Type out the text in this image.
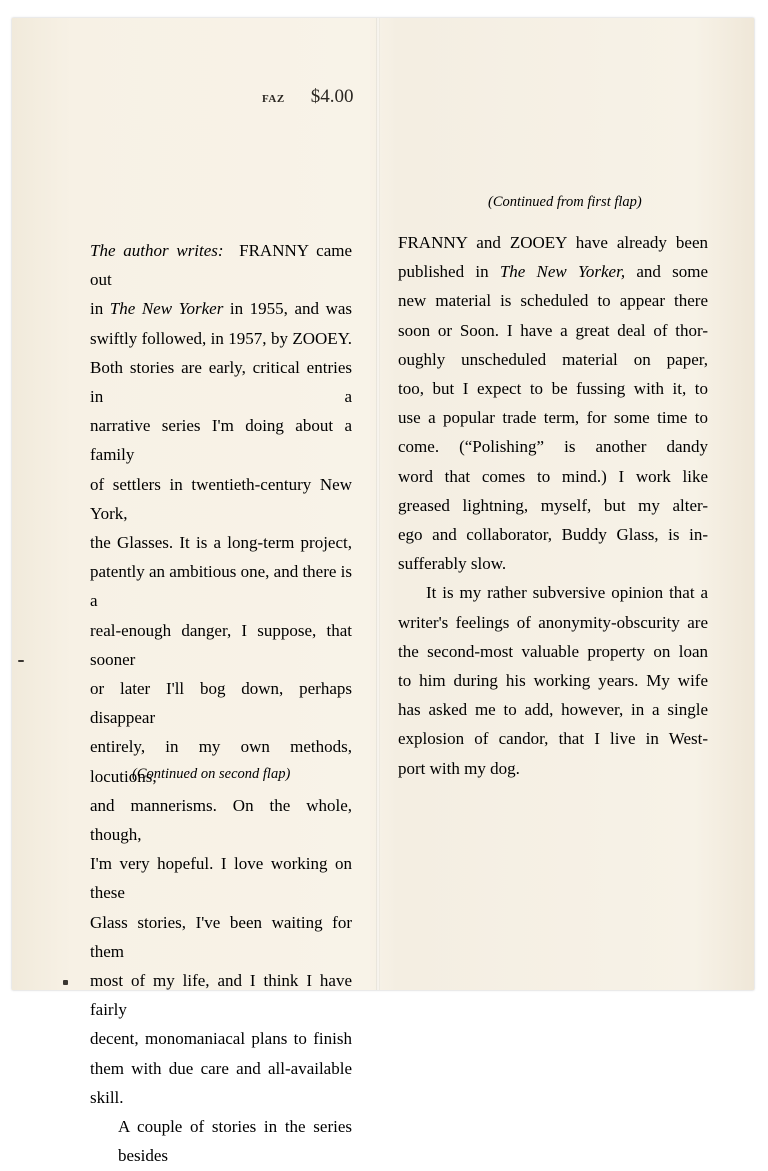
FAZ $4.00
The author writes: FRANNY came out
in The New Yorker in 1955, and was
swiftly followed, in 1957, by ZOOEY.
Both stories are early, critical entries in a
narrative series I'm doing about a family
of settlers in twentieth-century New York,
the Glasses. It is a long-term project,
patently an ambitious one, and there is a
real-enough danger, I suppose, that sooner
or later I'll bog down, perhaps disappear
entirely, in my own methods, locutions,
and mannerisms. On the whole, though,
I'm very hopeful. I love working on these
Glass stories, I've been waiting for them
most of my life, and I think I have fairly
decent, monomaniacal plans to finish
them with due care and all-available skill.
A couple of stories in the series besides
(Continued on second flap)
(Continued from first flap)
FRANNY and ZOOEY have already been
published in The New Yorker, and some
new material is scheduled to appear there
soon or Soon. I have a great deal of thor-
oughly unscheduled material on paper,
too, but I expect to be fussing with it, to
use a popular trade term, for some time to
come. (“Polishing” is another dandy
word that comes to mind.) I work like
greased lightning, myself, but my alter-
ego and collaborator, Buddy Glass, is in-
sufferably slow.
It is my rather subversive opinion that a
writer's feelings of anonymity-obscurity are
the second-most valuable property on loan
to him during his working years. My wife
has asked me to add, however, in a single
explosion of candor, that I live in West-
port with my dog.
